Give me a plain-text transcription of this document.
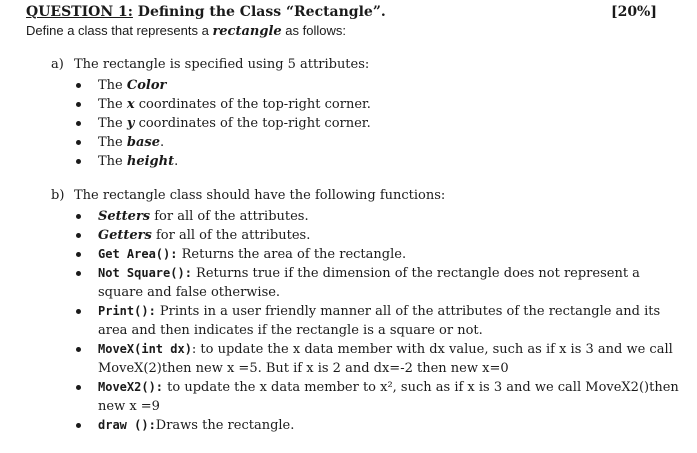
QUESTION 1: Defining the Class “Rectangle”.	[20%]
Define a class that represents a rectangle as follows:
a) The rectangle is specified using 5 attributes:
The Color
The x coordinates of the top-right corner.
The y coordinates of the top-right corner.
The base.
The height.
b) The rectangle class should have the following functions:
Setters for all of the attributes.
Getters for all of the attributes.
Get Area(): Returns the area of the rectangle.
Not Square(): Returns true if the dimension of the rectangle does not represent a square and false otherwise.
Print(): Prints in a user friendly manner all of the attributes of the rectangle and its area and then indicates if the rectangle is a square or not.
MoveX(int dx): to update the x data member with dx value, such as if x is 3 and we call MoveX(2)then new x =5. But if x is 2 and dx=-2 then new x=0
MoveX2(): to update the x data member to x², such as if x is 3 and we call MoveX2()then new x =9
draw ():Draws the rectangle.
